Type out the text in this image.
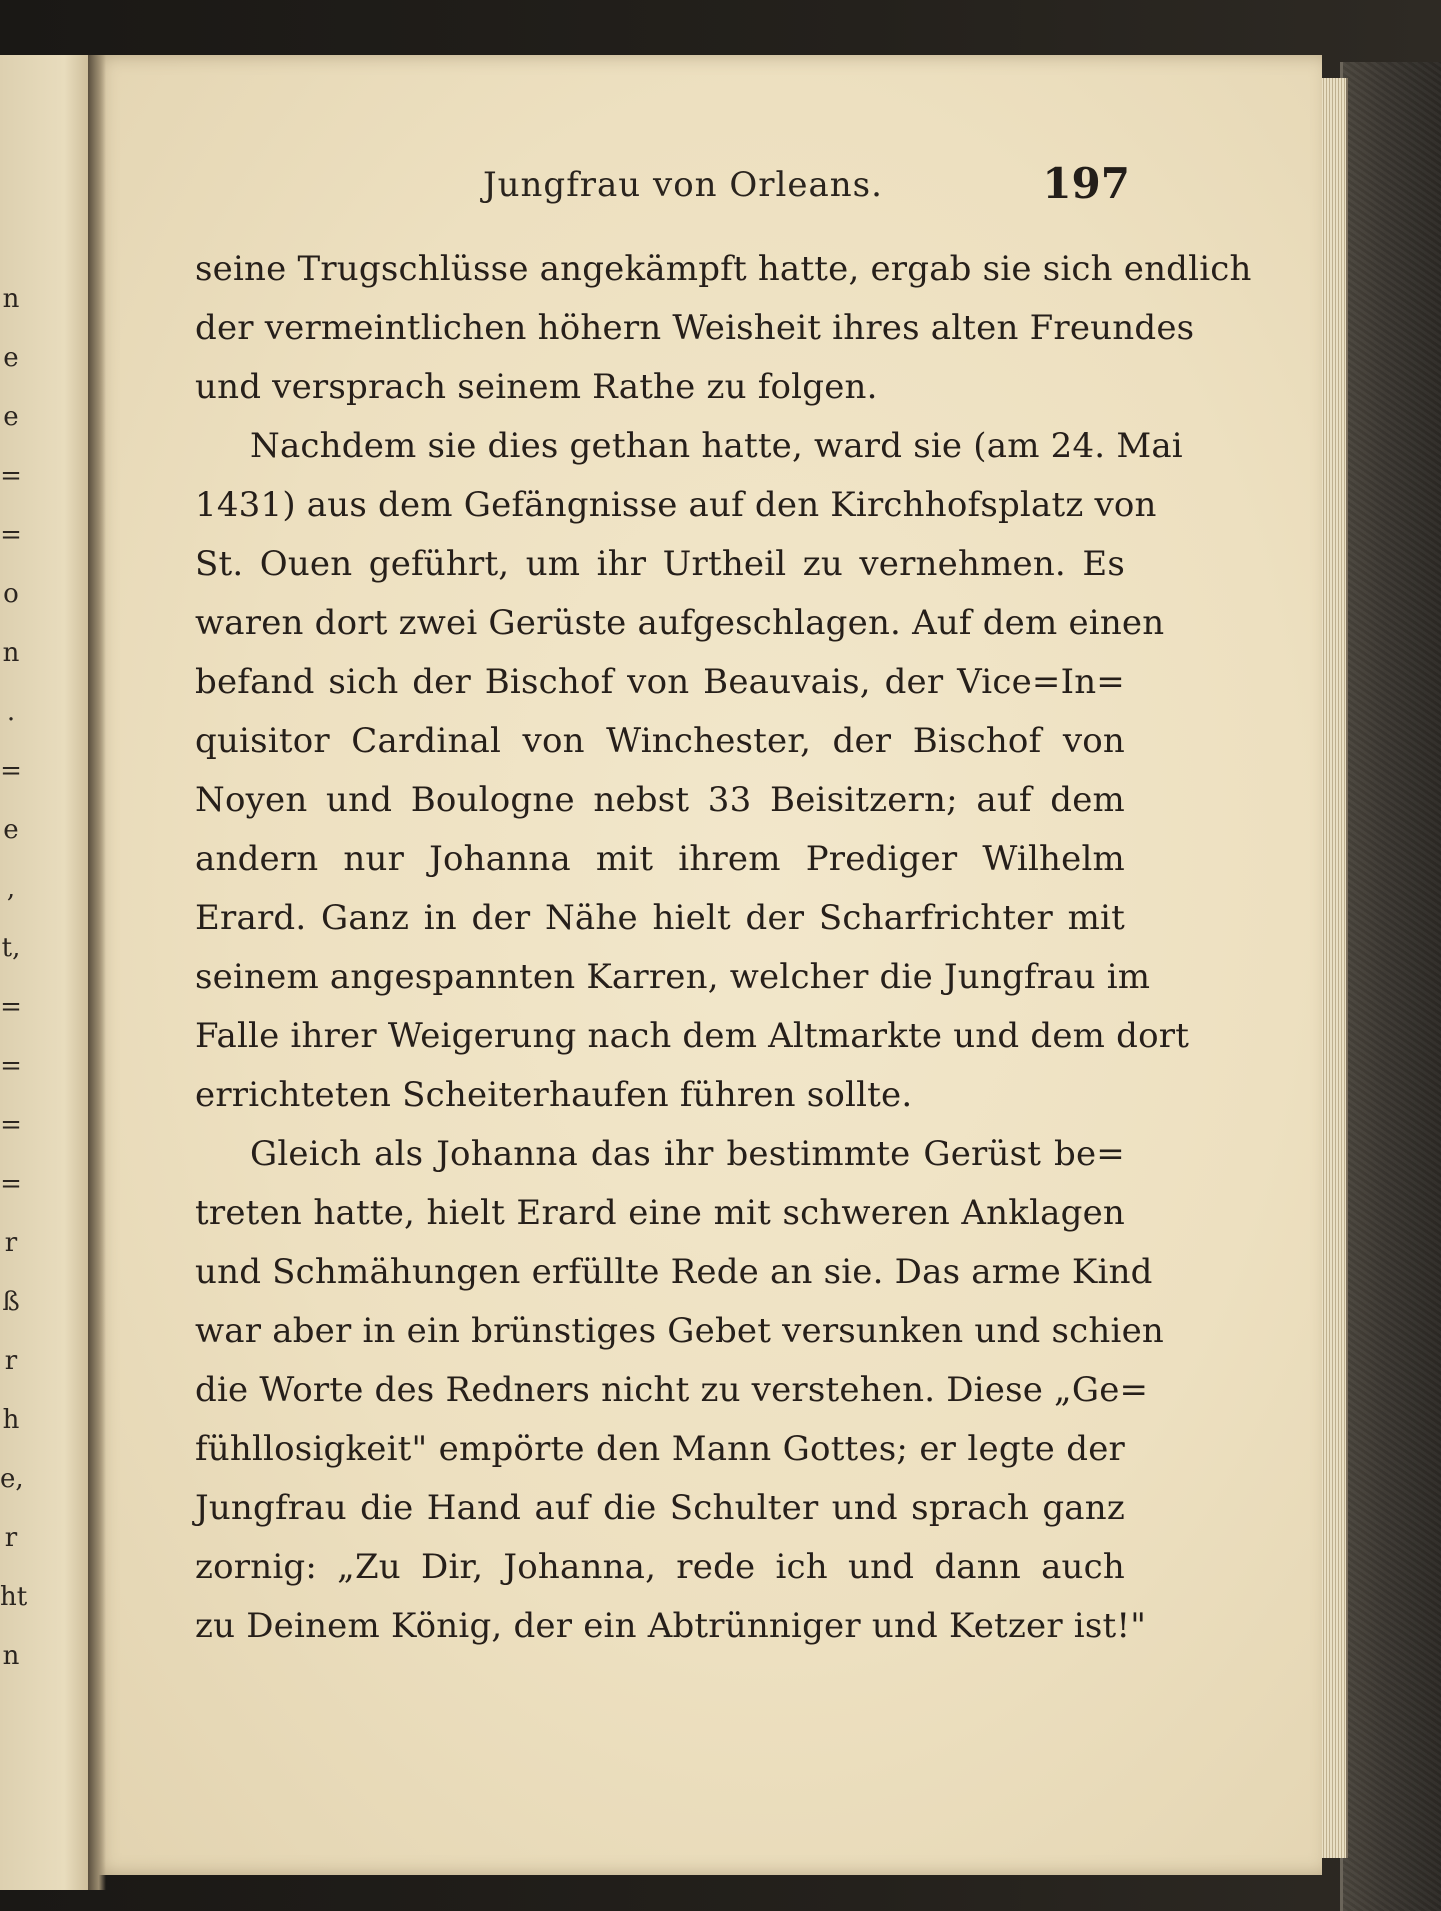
n
e
e
=
=
o
n
.
=
e
,
t,
=
=
=
=
r
ß
r
h
e,
r
ht
n
Jungfrau von Orleans.	197
seine Trugschlüsse angekämpft hatte, ergab sie sich endlich
der vermeintlichen höhern Weisheit ihres alten Freundes
und versprach seinem Rathe zu folgen.
Nachdem sie dies gethan hatte, ward sie (am 24. Mai
1431) aus dem Gefängnisse auf den Kirchhofsplatz von
St. Ouen geführt, um ihr Urtheil zu vernehmen. Es
waren dort zwei Gerüste aufgeschlagen. Auf dem einen
befand sich der Bischof von Beauvais, der Vice=In=
quisitor Cardinal von Winchester, der Bischof von
Noyen und Boulogne nebst 33 Beisitzern; auf dem
andern nur Johanna mit ihrem Prediger Wilhelm
Erard. Ganz in der Nähe hielt der Scharfrichter mit
seinem angespannten Karren, welcher die Jungfrau im
Falle ihrer Weigerung nach dem Altmarkte und dem dort
errichteten Scheiterhaufen führen sollte.
Gleich als Johanna das ihr bestimmte Gerüst be=
treten hatte, hielt Erard eine mit schweren Anklagen
und Schmähungen erfüllte Rede an sie. Das arme Kind
war aber in ein brünstiges Gebet versunken und schien
die Worte des Redners nicht zu verstehen. Diese „Ge=
fühllosigkeit" empörte den Mann Gottes; er legte der
Jungfrau die Hand auf die Schulter und sprach ganz
zornig: „Zu Dir, Johanna, rede ich und dann auch
zu Deinem König, der ein Abtrünniger und Ketzer ist!"
